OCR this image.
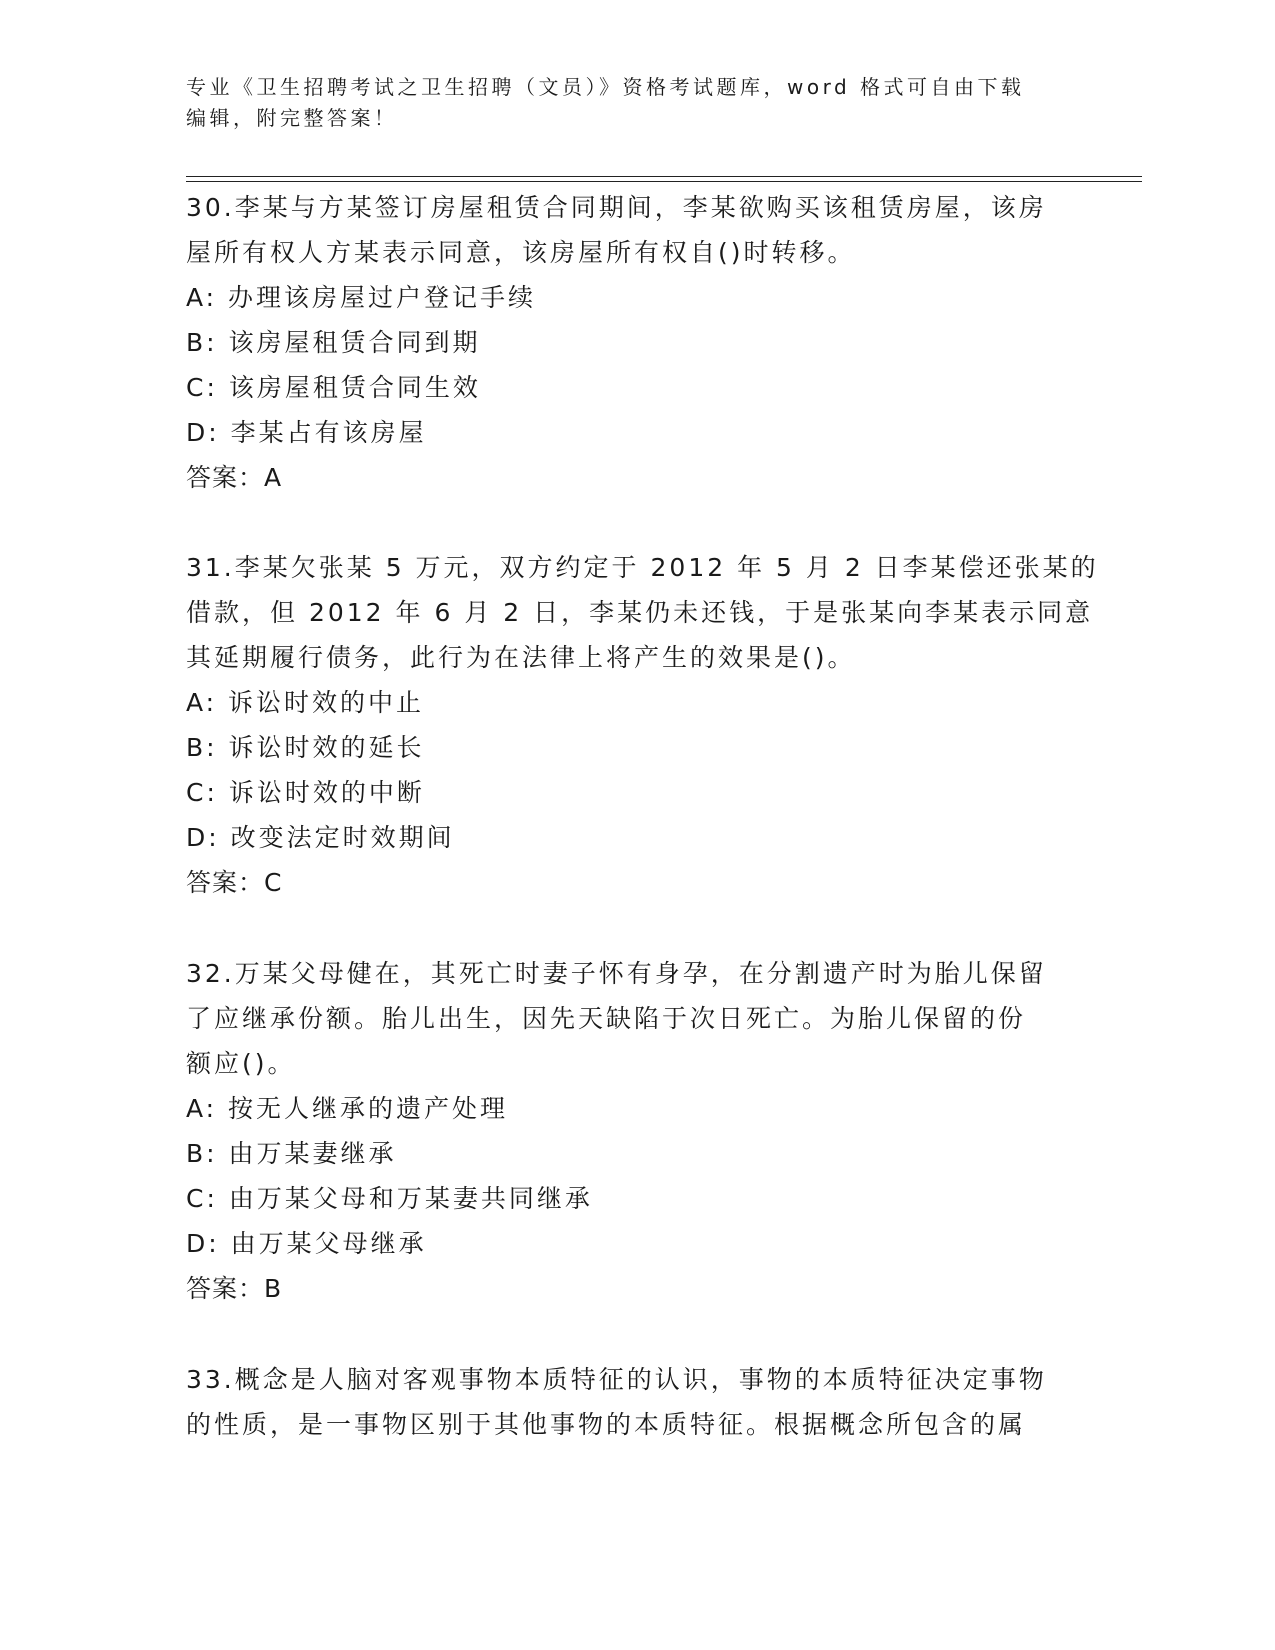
专业《卫生招聘考试之卫生招聘（文员）》资格考试题库，word 格式可自由下载
编辑，附完整答案！
30.李某与方某签订房屋租赁合同期间，李某欲购买该租赁房屋，该房
屋所有权人方某表示同意，该房屋所有权自()时转移。
A: 办理该房屋过户登记手续
B: 该房屋租赁合同到期
C: 该房屋租赁合同生效
D: 李某占有该房屋
答案：A
31.李某欠张某 5 万元，双方约定于 2012 年 5 月 2 日李某偿还张某的
借款，但 2012 年 6 月 2 日，李某仍未还钱，于是张某向李某表示同意
其延期履行债务，此行为在法律上将产生的效果是()。
A: 诉讼时效的中止
B: 诉讼时效的延长
C: 诉讼时效的中断
D: 改变法定时效期间
答案：C
32.万某父母健在，其死亡时妻子怀有身孕，在分割遗产时为胎儿保留
了应继承份额。胎儿出生，因先天缺陷于次日死亡。为胎儿保留的份
额应()。
A: 按无人继承的遗产处理
B: 由万某妻继承
C: 由万某父母和万某妻共同继承
D: 由万某父母继承
答案：B
33.概念是人脑对客观事物本质特征的认识，事物的本质特征决定事物
的性质，是一事物区别于其他事物的本质特征。根据概念所包含的属
